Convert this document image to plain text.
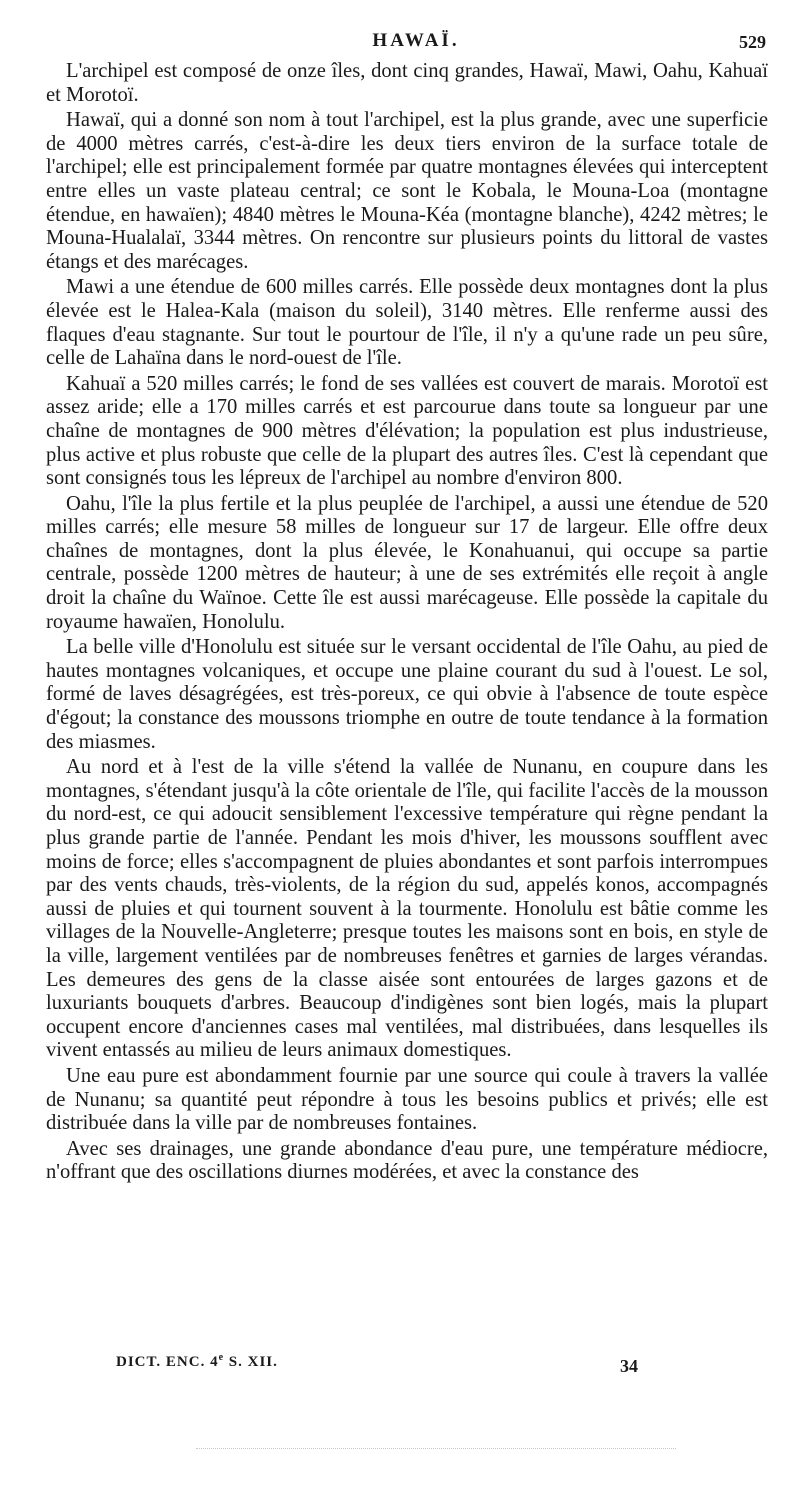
HAWAÏ.	529

L'archipel est composé de onze îles, dont cinq grandes, Hawaï, Mawi, Oahu, Kahuaï et Morotoï.

Hawaï, qui a donné son nom à tout l'archipel, est la plus grande, avec une superficie de 4000 mètres carrés, c'est-à-dire les deux tiers environ de la surface totale de l'archipel; elle est principalement formée par quatre montagnes élevées qui interceptent entre elles un vaste plateau central; ce sont le Kobala, le Mouna-Loa (montagne étendue, en hawaïen); 4840 mètres le Mouna-Kéa (montagne blanche), 4242 mètres; le Mouna-Hualalaï, 3344 mètres. On rencontre sur plusieurs points du littoral de vastes étangs et des marécages.

Mawi a une étendue de 600 milles carrés. Elle possède deux montagnes dont la plus élevée est le Halea-Kala (maison du soleil), 3140 mètres. Elle renferme aussi des flaques d'eau stagnante. Sur tout le pourtour de l'île, il n'y a qu'une rade un peu sûre, celle de Lahaïna dans le nord-ouest de l'île.

Kahuaï a 520 milles carrés; le fond de ses vallées est couvert de marais. Morotoï est assez aride; elle a 170 milles carrés et est parcourue dans toute sa longueur par une chaîne de montagnes de 900 mètres d'élévation; la population est plus industrieuse, plus active et plus robuste que celle de la plupart des autres îles. C'est là cependant que sont consignés tous les lépreux de l'archipel au nombre d'environ 800.

Oahu, l'île la plus fertile et la plus peuplée de l'archipel, a aussi une étendue de 520 milles carrés; elle mesure 58 milles de longueur sur 17 de largeur. Elle offre deux chaînes de montagnes, dont la plus élevée, le Konahuanui, qui occupe sa partie centrale, possède 1200 mètres de hauteur; à une de ses extrémités elle reçoit à angle droit la chaîne du Waïnoe. Cette île est aussi marécageuse. Elle possède la capitale du royaume hawaïen, Honolulu.

La belle ville d'Honolulu est située sur le versant occidental de l'île Oahu, au pied de hautes montagnes volcaniques, et occupe une plaine courant du sud à l'ouest. Le sol, formé de laves désagrégées, est très-poreux, ce qui obvie à l'absence de toute espèce d'égout; la constance des moussons triomphe en outre de toute tendance à la formation des miasmes.

Au nord et à l'est de la ville s'étend la vallée de Nunanu, en coupure dans les montagnes, s'étendant jusqu'à la côte orientale de l'île, qui facilite l'accès de la mousson du nord-est, ce qui adoucit sensiblement l'excessive température qui règne pendant la plus grande partie de l'année. Pendant les mois d'hiver, les moussons soufflent avec moins de force; elles s'accompagnent de pluies abondantes et sont parfois interrompues par des vents chauds, très-violents, de la région du sud, appelés konos, accompagnés aussi de pluies et qui tournent souvent à la tourmente. Honolulu est bâtie comme les villages de la Nouvelle-Angleterre; presque toutes les maisons sont en bois, en style de la ville, largement ventilées par de nombreuses fenêtres et garnies de larges vérandas. Les demeures des gens de la classe aisée sont entourées de larges gazons et de luxuriants bouquets d'arbres. Beaucoup d'indigènes sont bien logés, mais la plupart occupent encore d'anciennes cases mal ventilées, mal distribuées, dans lesquelles ils vivent entassés au milieu de leurs animaux domestiques.

Une eau pure est abondamment fournie par une source qui coule à travers la vallée de Nunanu; sa quantité peut répondre à tous les besoins publics et privés; elle est distribuée dans la ville par de nombreuses fontaines.

Avec ses drainages, une grande abondance d'eau pure, une température médiocre, n'offrant que des oscillations diurnes modérées, et avec la constance des

DICT. ENC. 4e S. XII.	34
